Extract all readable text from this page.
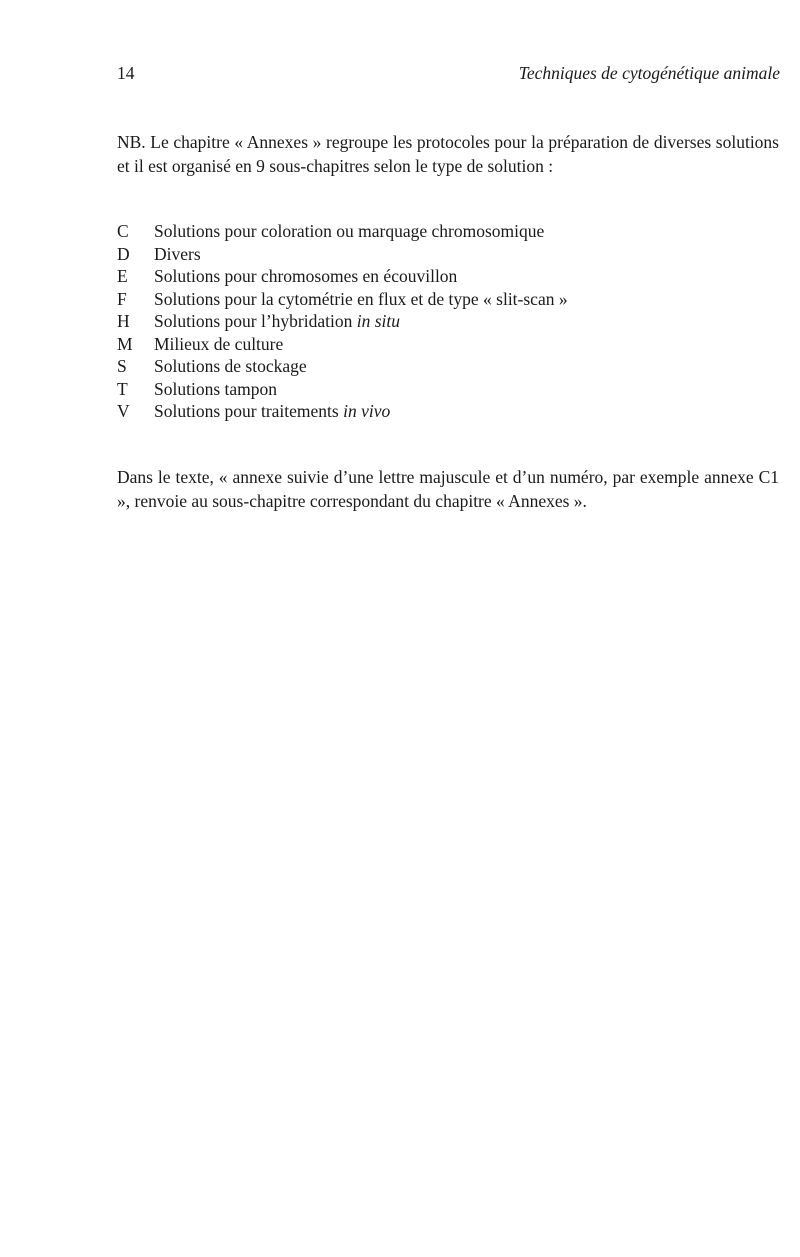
14	Techniques de cytogénétique animale

NB. Le chapitre « Annexes » regroupe les protocoles pour la préparation de diverses solutions et il est organisé en 9 sous-chapitres selon le type de solution :

C	Solutions pour coloration ou marquage chromosomique
D	Divers
E	Solutions pour chromosomes en écouvillon
F	Solutions pour la cytométrie en flux et de type « slit-scan »
H	Solutions pour l’hybridation in situ
M	Milieux de culture
S	Solutions de stockage
T	Solutions tampon
V	Solutions pour traitements in vivo

Dans le texte, « annexe suivie d’une lettre majuscule et d’un numéro, par exemple annexe C1 », renvoie au sous-chapitre correspondant du chapitre « Annexes ».
